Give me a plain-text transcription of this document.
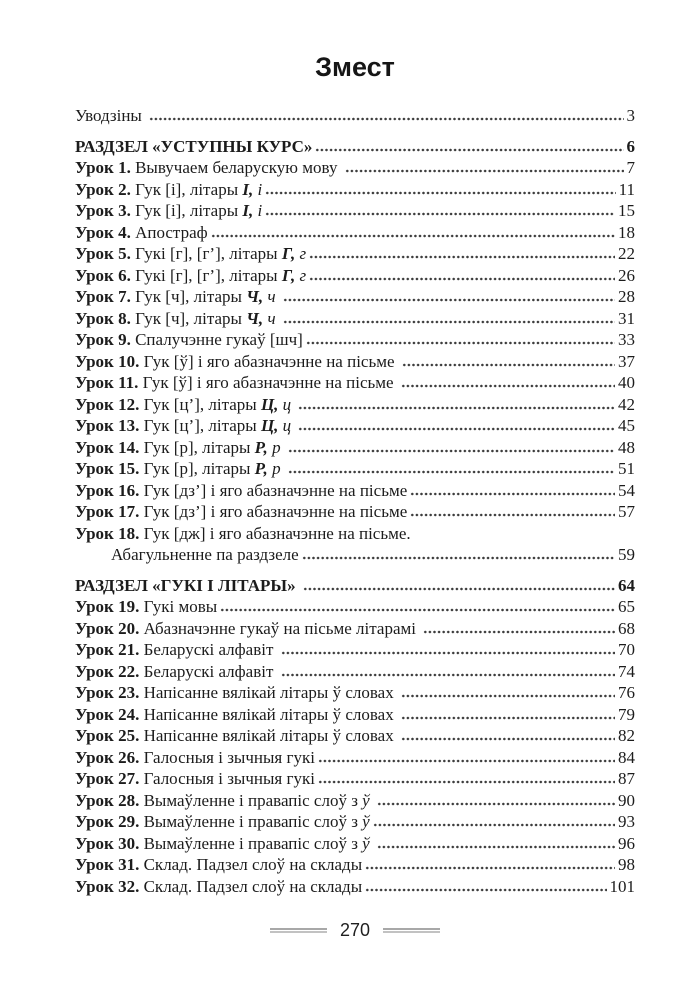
Змест
Уводзіны	3
РАЗДЗЕЛ «УСТУПНЫ КУРС»	6
Урок 1. Вывучаем беларускую мову	7
Урок 2. Гук [і], літары І, і	11
Урок 3. Гук [і], літары І, і	15
Урок 4. Апостраф	18
Урок 5. Гукі [г], [г’], літары Г, г	22
Урок 6. Гукі [г], [г’], літары Г, г	26
Урок 7. Гук [ч], літары Ч, ч	28
Урок 8. Гук [ч], літары Ч, ч	31
Урок 9. Спалучэнне гукаў [шч]	33
Урок 10. Гук [ў] і яго абазначэнне на пісьме	37
Урок 11. Гук [ў] і яго абазначэнне на пісьме	40
Урок 12. Гук [ц’], літары Ц, ц	42
Урок 13. Гук [ц’], літары Ц, ц	45
Урок 14. Гук [р], літары Р, р	48
Урок 15. Гук [р], літары Р, р	51
Урок 16. Гук [дз’] і яго абазначэнне на пісьме	54
Урок 17. Гук [дз’] і яго абазначэнне на пісьме	57
Урок 18. Гук [дж] і яго абазначэнне на пісьме.
Абагульненне па раздзеле	59
РАЗДЗЕЛ «ГУКІ І ЛІТАРЫ»	64
Урок 19. Гукі мовы	65
Урок 20. Абазначэнне гукаў на пісьме літарамі	68
Урок 21. Беларускі алфавіт	70
Урок 22. Беларускі алфавіт	74
Урок 23. Напісанне вялікай літары ў словах	76
Урок 24. Напісанне вялікай літары ў словах	79
Урок 25. Напісанне вялікай літары ў словах	82
Урок 26. Галосныя і зычныя гукі	84
Урок 27. Галосныя і зычныя гукі	87
Урок 28. Вымаўленне і правапіс слоў з ў	90
Урок 29. Вымаўленне і правапіс слоў з ў	93
Урок 30. Вымаўленне і правапіс слоў з ў	96
Урок 31. Склад. Падзел слоў на склады	98
Урок 32. Склад. Падзел слоў на склады	101
270
